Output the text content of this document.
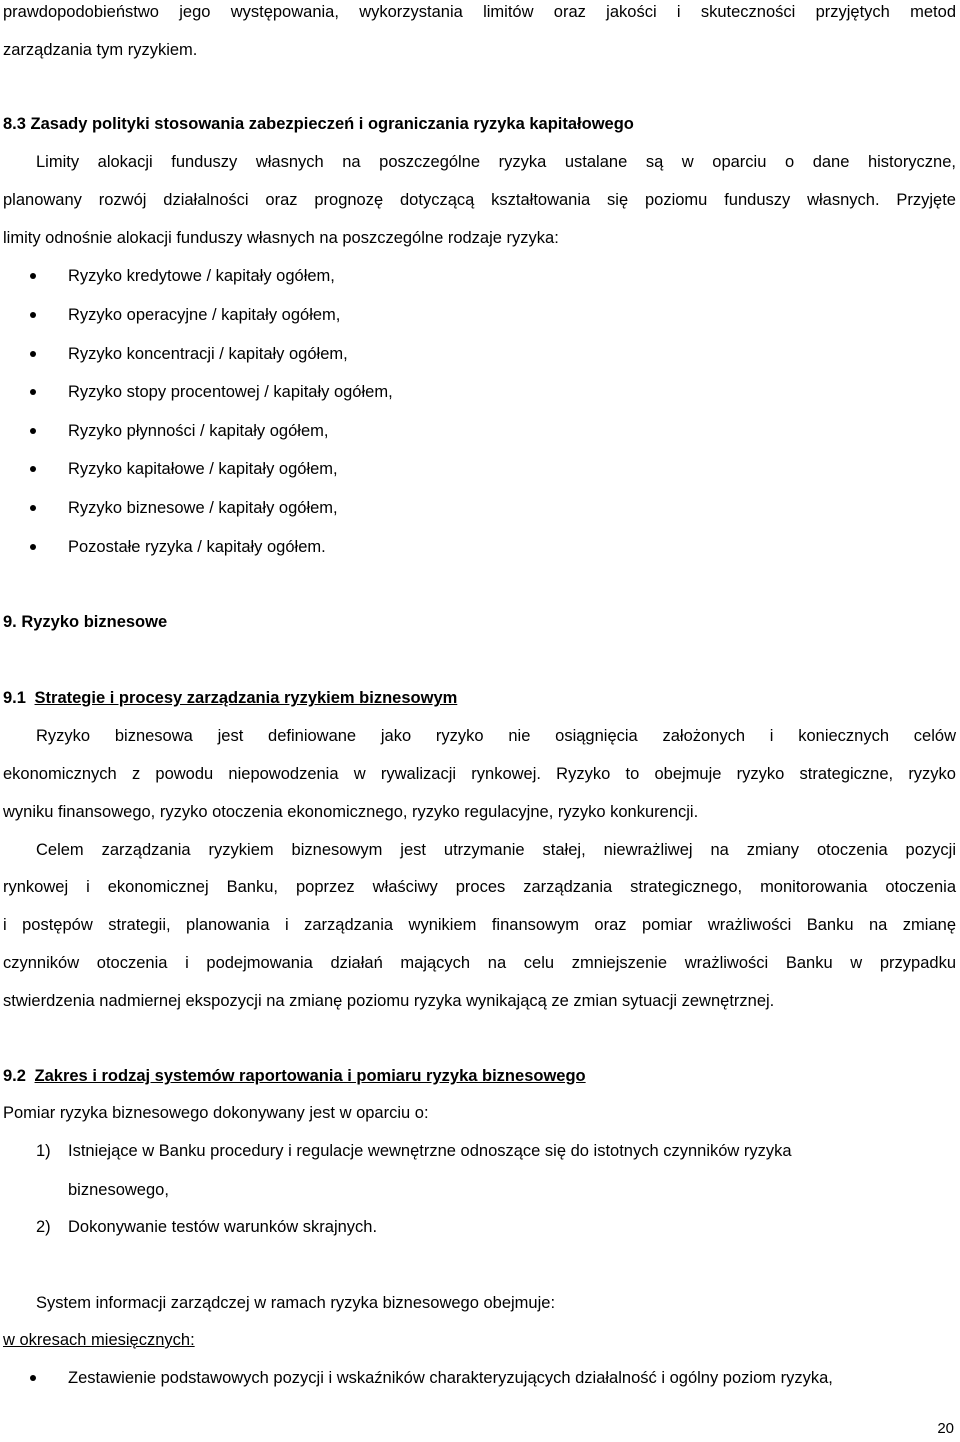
prawdopodobieństwo jego występowania, wykorzystania limitów oraz jakości i skuteczności przyjętych metod

zarządzania tym ryzykiem.

8.3 Zasady polityki stosowania zabezpieczeń i ograniczania ryzyka kapitałowego

Limity alokacji funduszy własnych na poszczególne ryzyka ustalane są w oparciu o dane historyczne,

planowany rozwój działalności oraz prognozę dotyczącą kształtowania się poziomu funduszy własnych. Przyjęte

limity odnośnie alokacji funduszy własnych na poszczególne rodzaje ryzyka:

Ryzyko kredytowe / kapitały ogółem,
Ryzyko operacyjne / kapitały ogółem,
Ryzyko koncentracji / kapitały ogółem,
Ryzyko stopy procentowej / kapitały ogółem,
Ryzyko płynności / kapitały ogółem,
Ryzyko kapitałowe / kapitały ogółem,
Ryzyko biznesowe / kapitały ogółem,
Pozostałe ryzyka / kapitały ogółem.

9. Ryzyko biznesowe

9.1 Strategie i procesy zarządzania ryzykiem biznesowym

Ryzyko biznesowa jest definiowane jako ryzyko nie osiągnięcia założonych i koniecznych celów

ekonomicznych z powodu niepowodzenia w rywalizacji rynkowej. Ryzyko to obejmuje ryzyko strategiczne, ryzyko

wyniku finansowego, ryzyko otoczenia ekonomicznego, ryzyko regulacyjne, ryzyko konkurencji.

Celem zarządzania ryzykiem biznesowym jest utrzymanie stałej, niewrażliwej na zmiany otoczenia pozycji

rynkowej i ekonomicznej Banku, poprzez właściwy proces zarządzania strategicznego, monitorowania otoczenia

i postępów strategii, planowania i zarządzania wynikiem finansowym oraz pomiar wrażliwości Banku na zmianę

czynników otoczenia i podejmowania działań mających na celu zmniejszenie wrażliwości Banku w przypadku

stwierdzenia nadmiernej ekspozycji na zmianę poziomu ryzyka wynikającą ze zmian sytuacji zewnętrznej.

9.2 Zakres i rodzaj systemów raportowania i pomiaru ryzyka biznesowego

Pomiar ryzyka biznesowego dokonywany jest w oparciu o:

1) Istniejące w Banku procedury i regulacje wewnętrzne odnoszące się do istotnych czynników ryzyka

biznesowego,

2) Dokonywanie testów warunków skrajnych.

System informacji zarządczej w ramach ryzyka biznesowego obejmuje:

w okresach miesięcznych:

Zestawienie podstawowych pozycji i wskaźników charakteryzujących działalność i ogólny poziom ryzyka,
20
